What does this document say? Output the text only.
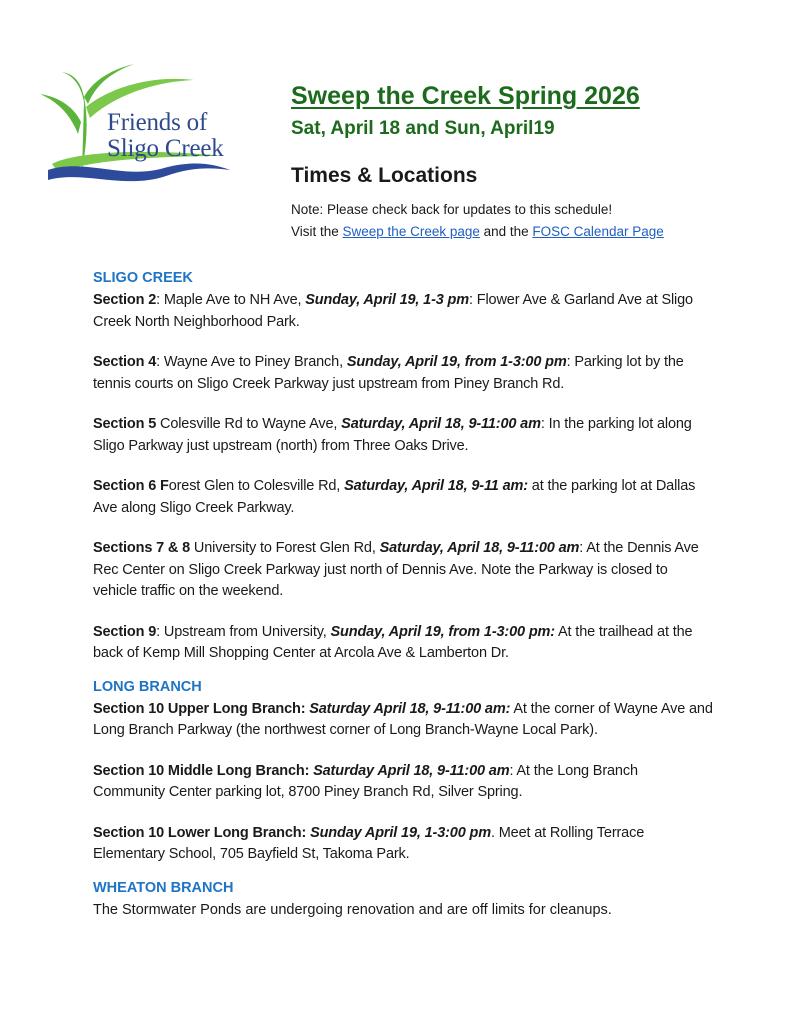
Friends of
Sligo Creek
Sweep the Creek Spring 2026
Sat, April 18 and Sun, April19
Times & Locations
Note: Please check back for updates to this schedule!
Visit the Sweep the Creek page and the FOSC Calendar Page
SLIGO CREEK

Section 2: Maple Ave to NH Ave, Sunday, April 19, 1-3 pm: Flower Ave & Garland Ave at Sligo Creek North Neighborhood Park.

Section 4: Wayne Ave to Piney Branch, Sunday, April 19, from 1-3:00 pm: Parking lot by the tennis courts on Sligo Creek Parkway just upstream from Piney Branch Rd.

Section 5 Colesville Rd to Wayne Ave, Saturday, April 18, 9-11:00 am: In the parking lot along Sligo Parkway just upstream (north) from Three Oaks Drive.

Section 6 Forest Glen to Colesville Rd, Saturday, April 18, 9-11 am: at the parking lot at Dallas Ave along Sligo Creek Parkway.

Sections 7 & 8 University to Forest Glen Rd, Saturday, April 18, 9-11:00 am: At the Dennis Ave Rec Center on Sligo Creek Parkway just north of Dennis Ave. Note the Parkway is closed to vehicle traffic on the weekend.

Section 9: Upstream from University, Sunday, April 19, from 1-3:00 pm: At the trailhead at the back of Kemp Mill Shopping Center at Arcola Ave & Lamberton Dr.

LONG BRANCH

Section 10 Upper Long Branch: Saturday April 18, 9-11:00 am: At the corner of Wayne Ave and Long Branch Parkway (the northwest corner of Long Branch-Wayne Local Park).

Section 10 Middle Long Branch: Saturday April 18, 9-11:00 am: At the Long Branch Community Center parking lot, 8700 Piney Branch Rd, Silver Spring.

Section 10 Lower Long Branch: Sunday April 19, 1-3:00 pm. Meet at Rolling Terrace Elementary School, 705 Bayfield St, Takoma Park.

WHEATON BRANCH

The Stormwater Ponds are undergoing renovation and are off limits for cleanups.
